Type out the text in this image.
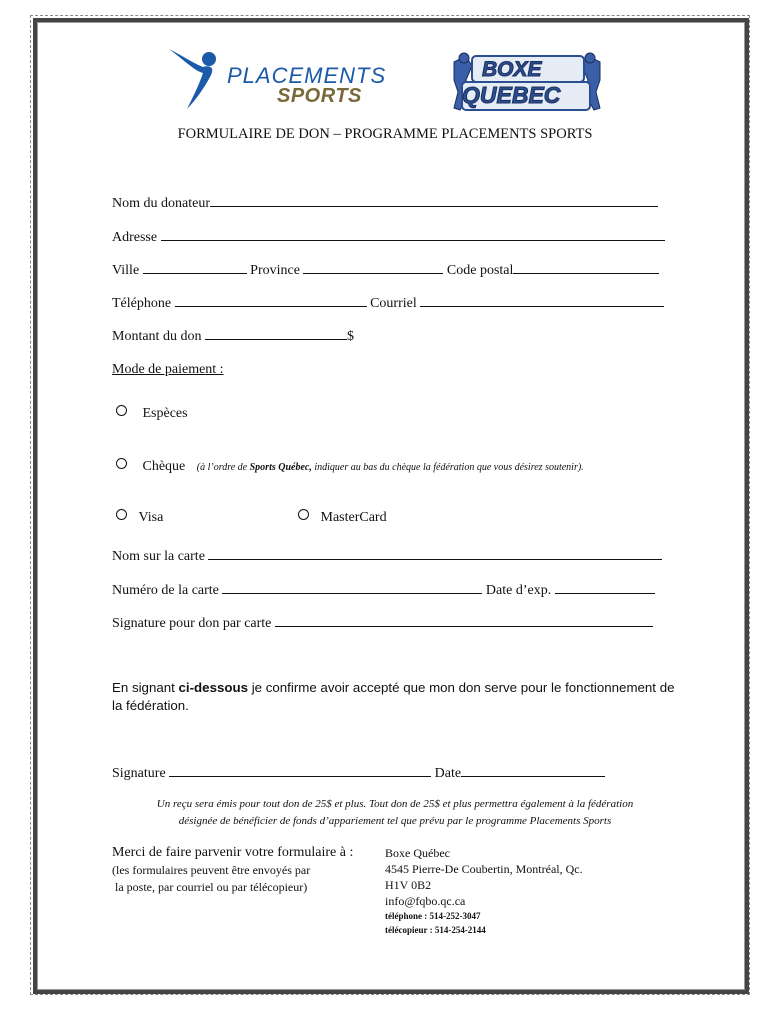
PLACEMENTS
SPORTS
BOXE
QUEBEC
FORMULAIRE DE DON – PROGRAMME PLACEMENTS SPORTS
Nom du donateur
Adresse
Ville	Province	Code postal
Téléphone	Courriel
Montant du don	$
Mode de paiement :
Espèces
Chèque (à l’ordre de Sports Québec, indiquer au bas du chèque la fédération que vous désirez soutenir).
Visa	MasterCard
Nom sur la carte
Numéro de la carte	Date d’exp.
Signature pour don par carte
En signant ci-dessous je confirme avoir accepté que mon don serve pour le fonctionnement de la fédération.
Signature	Date
Un reçu sera émis pour tout don de 25$ et plus. Tout don de 25$ et plus permettra également à la fédération
désignée de bénéficier de fonds d’appariement tel que prévu par le programme Placements Sports
Merci de faire parvenir votre formulaire à :
(les formulaires peuvent être envoyés par
la poste, par courriel ou par télécopieur)
Boxe Québec
4545 Pierre-De Coubertin, Montréal, Qc.
H1V 0B2
info@fqbo.qc.ca
téléphone : 514-252-3047
télécopieur : 514-254-2144
